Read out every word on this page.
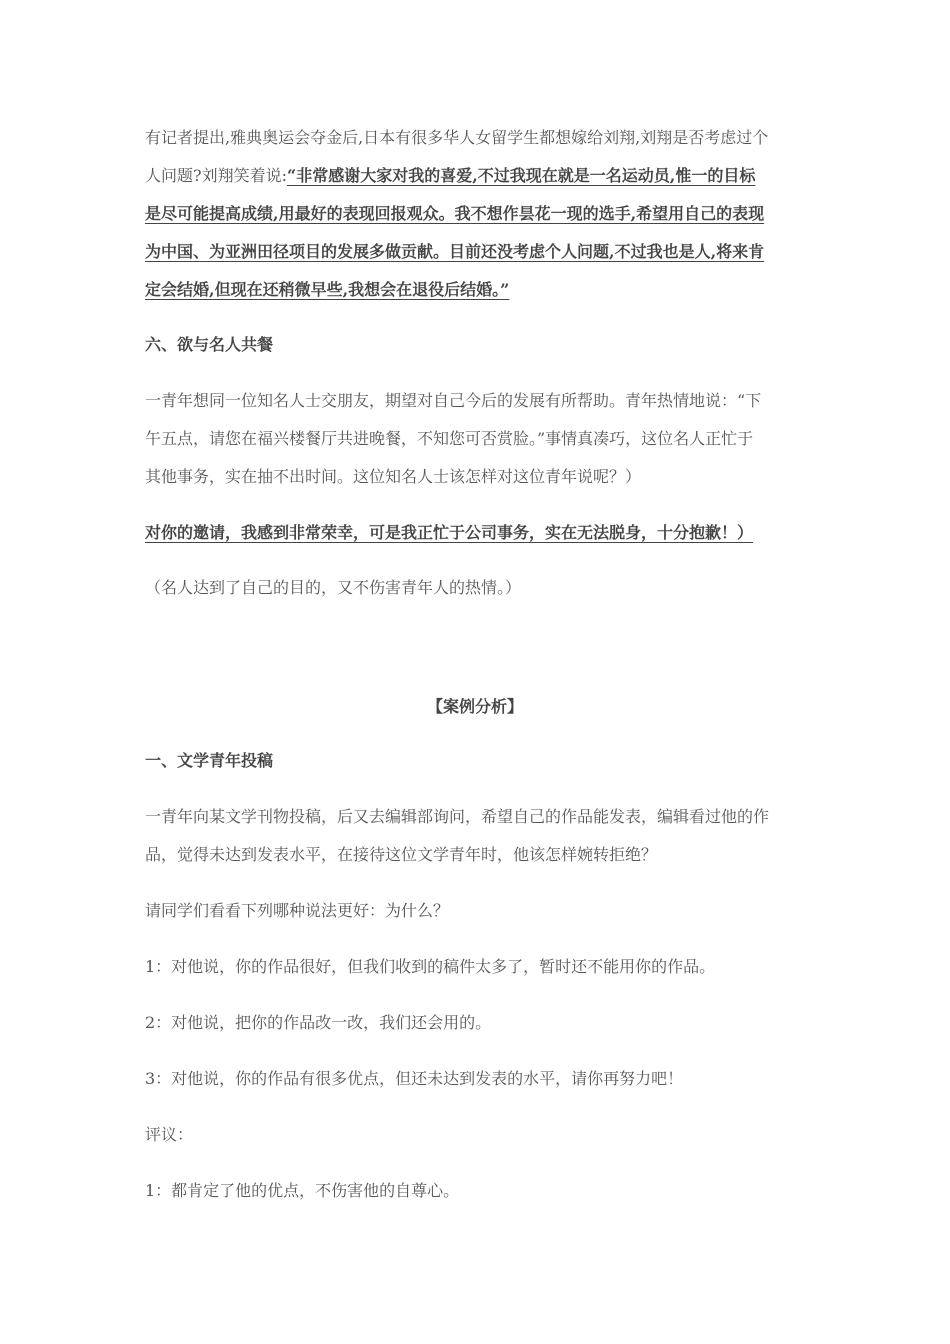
有记者提出,雅典奥运会夺金后,日本有很多华人女留学生都想嫁给刘翔,刘翔是否考虑过个

人问题?刘翔笑着说:“非常感谢大家对我的喜爱,不过我现在就是一名运动员,惟一的目标

是尽可能提高成绩,用最好的表现回报观众。我不想作昙花一现的选手,希望用自己的表现

为中国、为亚洲田径项目的发展多做贡献。目前还没考虑个人问题,不过我也是人,将来肯

定会结婚,但现在还稍微早些,我想会在退役后结婚。”

六、欲与名人共餐

一青年想同一位知名人士交朋友，期望对自己今后的发展有所帮助。青年热情地说：“下

午五点，请您在福兴楼餐厅共进晚餐，不知您可否赏脸。”事情真凑巧，这位名人正忙于

其他事务，实在抽不出时间。这位知名人士该怎样对这位青年说呢？）

对你的邀请，我感到非常荣幸，可是我正忙于公司事务，实在无法脱身，十分抱歉！）

（名人达到了自己的目的，又不伤害青年人的热情。）

【案例分析】

一、文学青年投稿

一青年向某文学刊物投稿，后又去编辑部询问，希望自己的作品能发表，编辑看过他的作

品，觉得未达到发表水平，在接待这位文学青年时，他该怎样婉转拒绝？

请同学们看看下列哪种说法更好：为什么？

1：对他说，你的作品很好，但我们收到的稿件太多了，暂时还不能用你的作品。

2：对他说，把你的作品改一改，我们还会用的。

3：对他说，你的作品有很多优点，但还未达到发表的水平，请你再努力吧！

评议：

1：都肯定了他的优点，不伤害他的自尊心。
